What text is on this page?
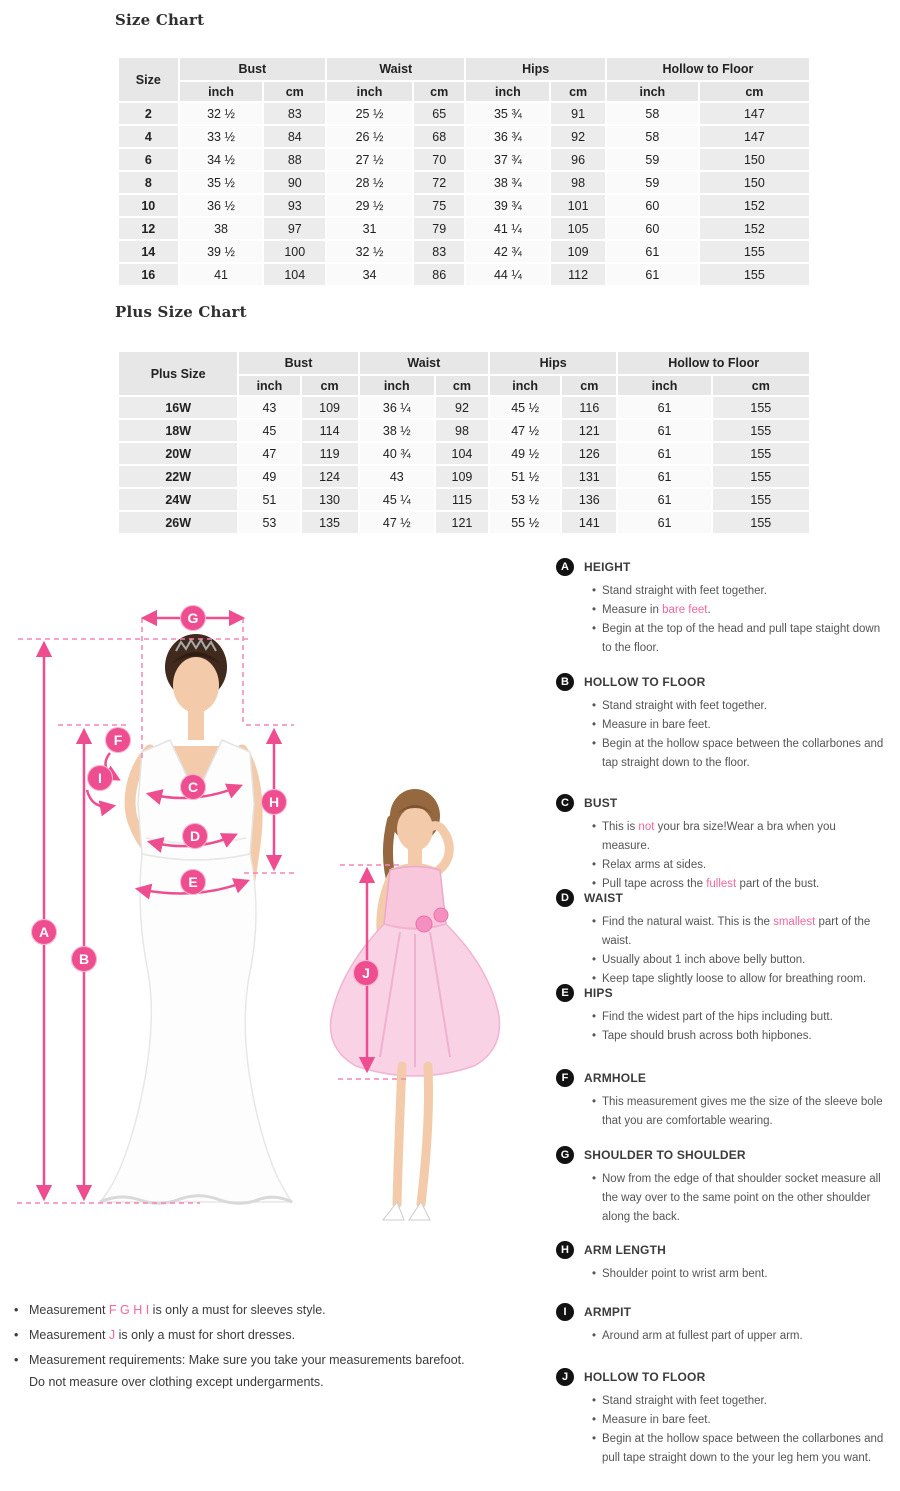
Size Chart
Size	Bust		Waist		Hips		Hollow to Floor	
	inch	cm	inch	cm	inch	cm	inch	cm
2	32 ½	83	25 ½	65	35 ¾	91	58	147
4	33 ½	84	26 ½	68	36 ¾	92	58	147
6	34 ½	88	27 ½	70	37 ¾	96	59	150
8	35 ½	90	28 ½	72	38 ¾	98	59	150
10	36 ½	93	29 ½	75	39 ¾	101	60	152
12	38	97	31	79	41 ¼	105	60	152
14	39 ½	100	32 ½	83	42 ¾	109	61	155
16	41	104	34	86	44 ¼	112	61	155
Plus Size Chart
Plus Size	Bust		Waist		Hips		Hollow to Floor	
	inch	cm	inch	cm	inch	cm	inch	cm
16W	43	109	36 ¼	92	45 ½	116	61	155
18W	45	114	38 ½	98	47 ½	121	61	155
20W	47	119	40 ¾	104	49 ½	126	61	155
22W	49	124	43	109	51 ½	131	61	155
24W	51	130	45 ¼	115	53 ½	136	61	155
26W	53	135	47 ½	121	55 ½	141	61	155
G
A
B
F
I
C
D
E
H
J
A	HEIGHT
• Stand straight with feet together.
• Measure in bare feet.
• Begin at the top of the head and pull tape staight down to the floor.
B	HOLLOW TO FLOOR
• Stand straight with feet together.
• Measure in bare feet.
• Begin at the hollow space between the collarbones and tap straight down to the floor.
C	BUST
• This is not your bra size!Wear a bra when you measure.
• Relax arms at sides.
• Pull tape across the fullest part of the bust.
D	WAIST
• Find the natural waist. This is the smallest part of the waist.
• Usually about 1 inch above belly button.
• Keep tape slightly loose to allow for breathing room.
E	HIPS
• Find the widest part of the hips including butt.
• Tape should brush across both hipbones.
F	ARMHOLE
• This measurement gives me the size of the sleeve bole that you are comfortable wearing.
G	SHOULDER TO SHOULDER
• Now from the edge of that shoulder socket measure all the way over to the same point on the other shoulder along the back.
H	ARM LENGTH
• Shoulder point to wrist arm bent.
I	ARMPIT
• Around arm at fullest part of upper arm.
J	HOLLOW TO FLOOR
• Stand straight with feet together.
• Measure in bare feet.
• Begin at the hollow space between the collarbones and pull tape straight down to the your leg hem you want.
• Measurement F G H I is only a must for sleeves style.
• Measurement J is only a must for short dresses.
• Measurement requirements: Make sure you take your measurements barefoot. Do not measure over clothing except undergarments.
